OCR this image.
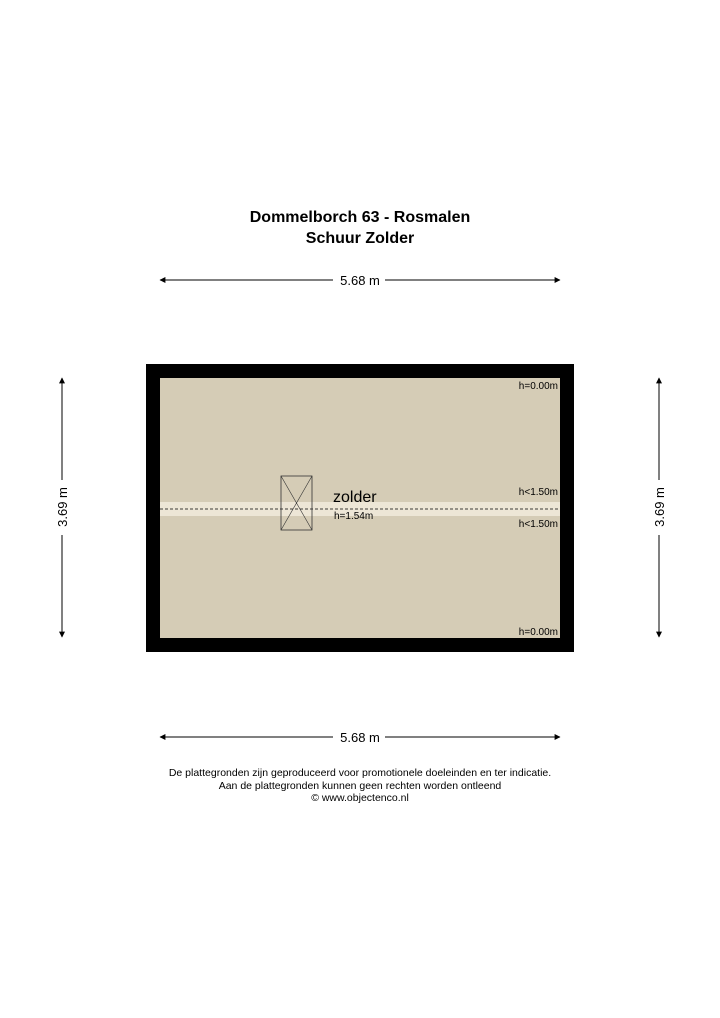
Dommelborch 63 - Rosmalen
Schuur Zolder
5.68 m
5.68 m
3.69 m	3.69 m
zolder
h=1.54m
h=0.00m
h<1.50m
h<1.50m
h=0.00m
De plattegronden zijn geproduceerd voor promotionele doeleinden en ter indicatie.
Aan de plattegronden kunnen geen rechten worden ontleend
© www.objectenco.nl
